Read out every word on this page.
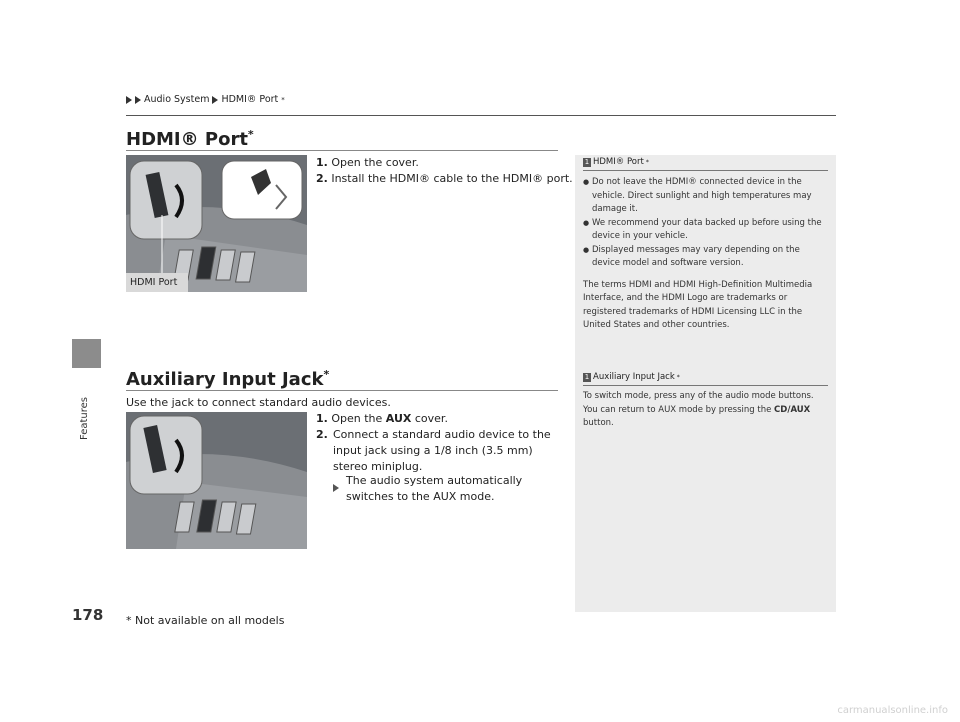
Features
Audio System HDMI® Port *
HDMI® Port*
HDMI Port
1. Open the cover.
2. Install the HDMI® cable to the HDMI® port.
Auxiliary Input Jack*
Use the jack to connect standard audio devices.
1. Open the AUX cover.
2. Connect a standard audio device to the input jack using a 1/8 inch (3.5 mm) stereo miniplug.
The audio system automatically switches to the AUX mode.
1 HDMI® Port *
● Do not leave the HDMI® connected device in the vehicle. Direct sunlight and high temperatures may damage it.
● We recommend your data backed up before using the device in your vehicle.
● Displayed messages may vary depending on the device model and software version.
The terms HDMI and HDMI High-Definition Multimedia Interface, and the HDMI Logo are trademarks or registered trademarks of HDMI Licensing LLC in the United States and other countries.
1 Auxiliary Input Jack *
To switch mode, press any of the audio mode buttons. You can return to AUX mode by pressing the CD/AUX button.
178 * Not available on all models
carmanualsonline.info
